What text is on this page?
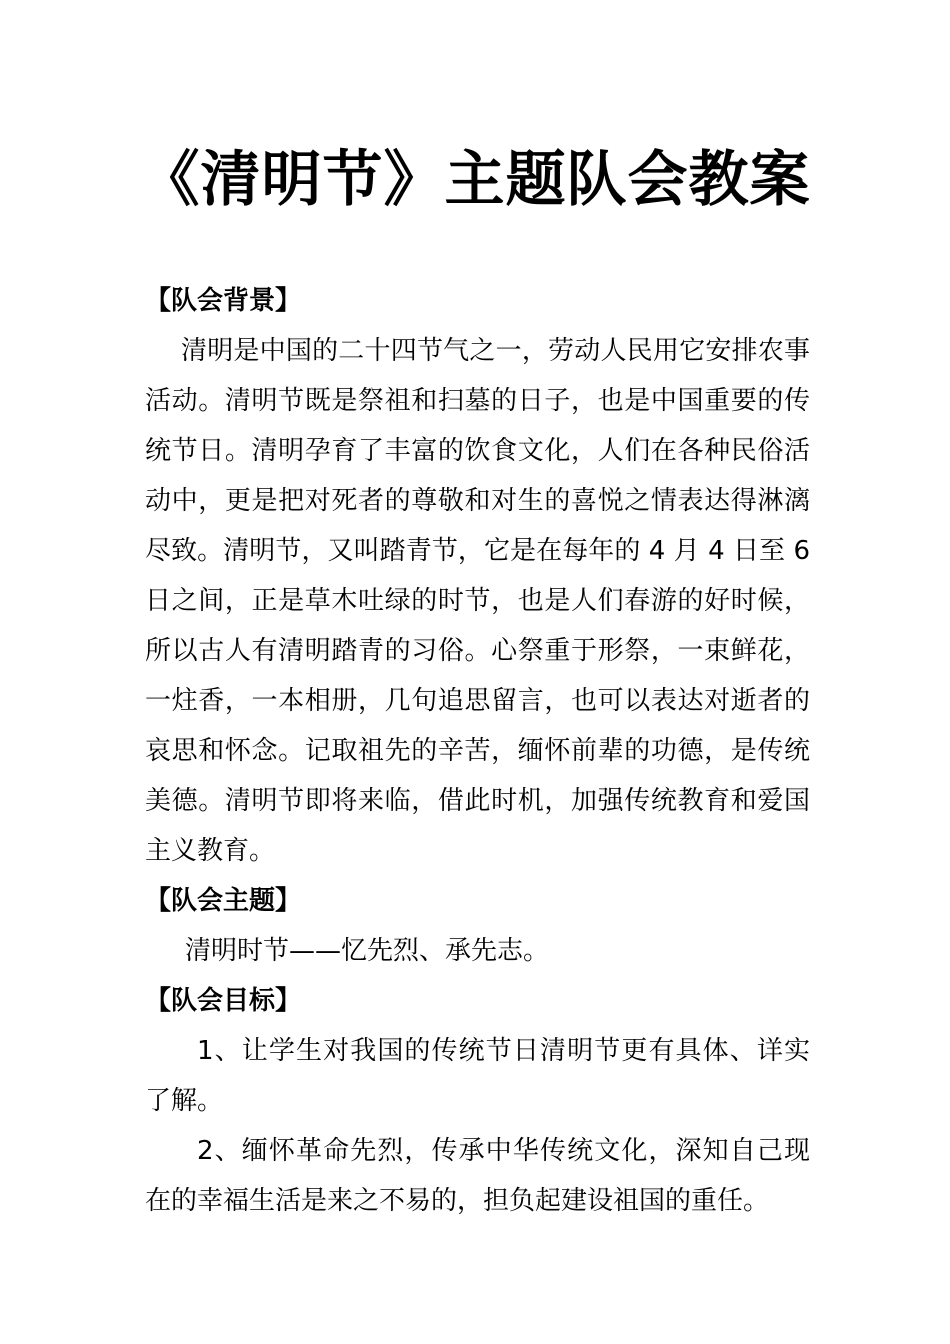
《清明节》主题队会教案
【队会背景】
清明是中国的二十四节气之一，劳动人民用它安排农事活动。清明节既是祭祖和扫墓的日子，也是中国重要的传统节日。清明孕育了丰富的饮食文化，人们在各种民俗活动中，更是把对死者的尊敬和对生的喜悦之情表达得淋漓尽致。清明节，又叫踏青节，它是在每年的 4 月 4 日至 6 日之间，正是草木吐绿的时节，也是人们春游的好时候，所以古人有清明踏青的习俗。心祭重于形祭，一束鲜花，一炷香，一本相册，几句追思留言，也可以表达对逝者的哀思和怀念。记取祖先的辛苦，缅怀前辈的功德，是传统美德。清明节即将来临，借此时机，加强传统教育和爱国主义教育。
【队会主题】
清明时节——忆先烈、承先志。
【队会目标】
1、让学生对我国的传统节日清明节更有具体、详实了解。
2、缅怀革命先烈，传承中华传统文化，深知自己现在的幸福生活是来之不易的，担负起建设祖国的重任。
